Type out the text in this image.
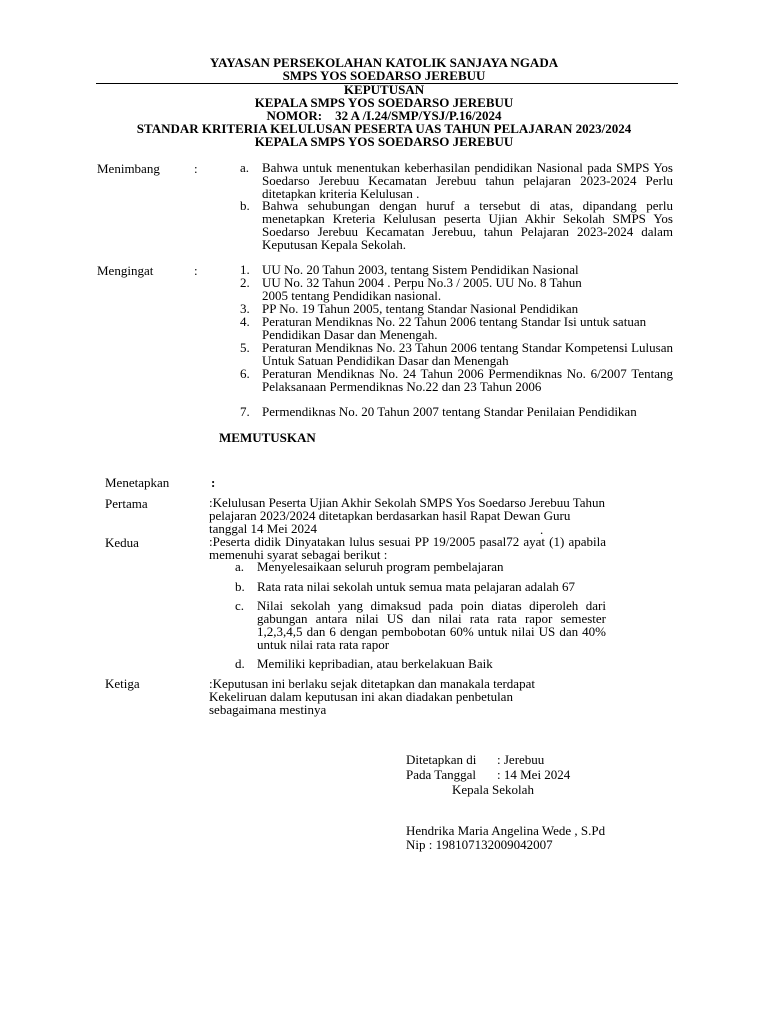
YAYASAN PERSEKOLAHAN KATOLIK SANJAYA NGADA
SMPS YOS SOEDARSO JEREBUU
KEPUTUSAN
KEPALA SMPS YOS SOEDARSO JEREBUU
NOMOR: 32 A /I.24/SMP/YSJ/P.16/2024
STANDAR KRITERIA KELULUSAN PESERTA UAS TAHUN PELAJARAN 2023/2024
KEPALA SMPS YOS SOEDARSO JEREBUU
Menimbang	:	a. Bahwa untuk menentukan keberhasilan pendidikan Nasional pada SMPS Yos Soedarso Jerebuu Kecamatan Jerebuu tahun pelajaran 2023-2024 Perlu ditetapkan kriteria Kelulusan .
b. Bahwa sehubungan dengan huruf a tersebut di atas, dipandang perlu menetapkan Kreteria Kelulusan peserta Ujian Akhir Sekolah SMPS Yos Soedarso Jerebuu Kecamatan Jerebuu, tahun Pelajaran 2023-2024 dalam Keputusan Kepala Sekolah.
Mengingat	:	1. UU No. 20 Tahun 2003, tentang Sistem Pendidikan Nasional
2. UU No. 32 Tahun 2004 . Perpu No.3 / 2005. UU No. 8 Tahun 2005 tentang Pendidikan nasional.
3. PP No. 19 Tahun 2005, tentang Standar Nasional Pendidikan
4. Peraturan Mendiknas No. 22 Tahun 2006 tentang Standar Isi untuk satuan Pendidikan Dasar dan Menengah.
5. Peraturan Mendiknas No. 23 Tahun 2006 tentang Standar Kompetensi Lulusan Untuk Satuan Pendidikan Dasar dan Menengah
6. Peraturan Mendiknas No. 24 Tahun 2006 Permendiknas No. 6/2007 Tentang Pelaksanaan Permendiknas No.22 dan 23 Tahun 2006
7. Permendiknas No. 20 Tahun 2007 tentang Standar Penilaian Pendidikan
MEMUTUSKAN
Menetapkan	:
Pertama	:Kelulusan Peserta Ujian Akhir Sekolah SMPS Yos Soedarso Jerebuu Tahun pelajaran 2023/2024 ditetapkan berdasarkan hasil Rapat Dewan Guru tanggal 14 Mei 2024	.
Kedua	:Peserta didik Dinyatakan lulus sesuai PP 19/2005 pasal72 ayat (1) apabila memenuhi syarat sebagai berikut :
a. Menyelesaikaan seluruh program pembelajaran
b. Rata rata nilai sekolah untuk semua mata pelajaran adalah 67
c. Nilai sekolah yang dimaksud pada poin diatas diperoleh dari gabungan antara nilai US dan nilai rata rata rapor semester 1,2,3,4,5 dan 6 dengan pembobotan 60% untuk nilai US dan 40% untuk nilai rata rata rapor
d. Memiliki kepribadian, atau berkelakuan Baik
Ketiga	:Keputusan ini berlaku sejak ditetapkan dan manakala terdapat
Kekeliruan dalam keputusan ini akan diadakan penbetulan
sebagaimana mestinya
Ditetapkan di : Jerebuu
Pada Tanggal : 14 Mei 2024
Kepala Sekolah
Hendrika Maria Angelina Wede , S.Pd
Nip : 198107132009042007
